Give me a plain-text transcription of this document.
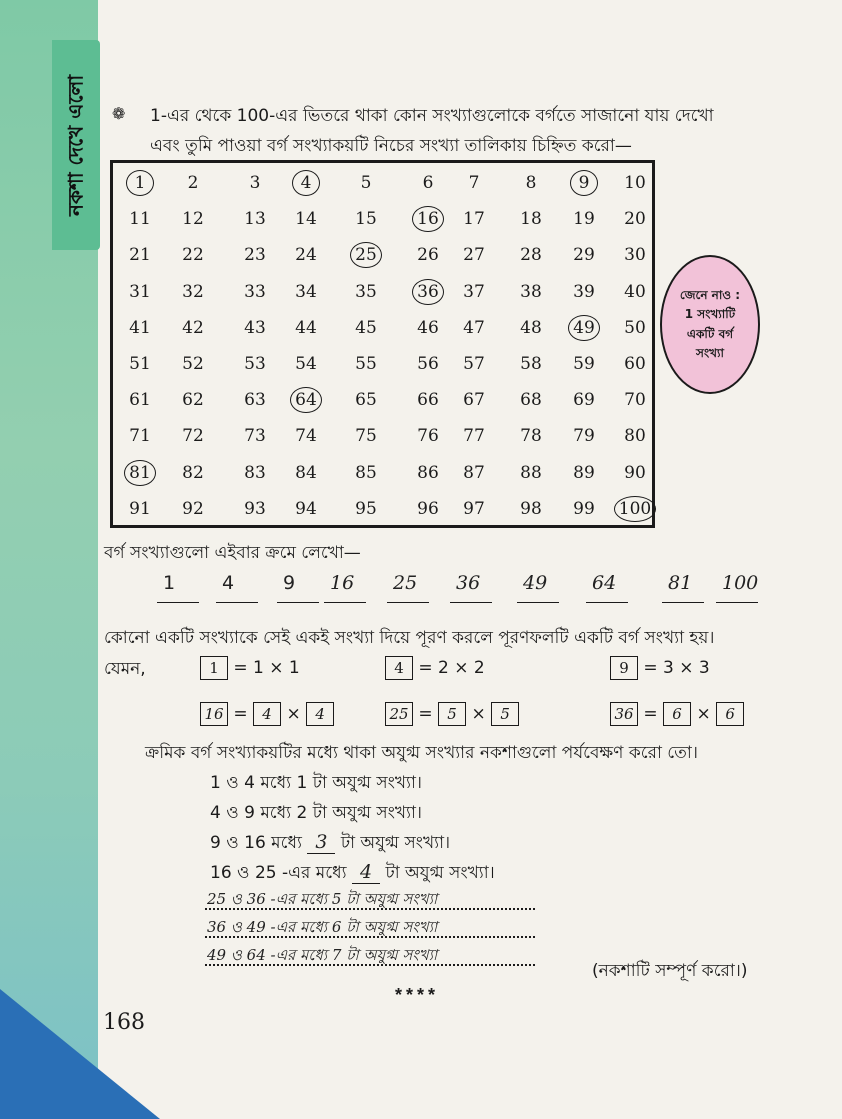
নকশা দেখে এলো
168
❁ 1-এর থেকে 100-এর ভিতরে থাকা কোন সংখ্যাগুলোকে বর্গতে সাজানো যায় দেখো
এবং তুমি পাওয়া বর্গ সংখ্যাকয়টি নিচের সংখ্যা তালিকায় চিহ্নিত করো—
1	2	3	4	5	6 7	8	9	10
11 12 13 14 15 16 17 18 19 20
21 22 23 24 25 26 27 28 29 30
31 32 33 34 35 36 37 38 39 40
41 42 43 44 45 46 47 48 49 50
51 52 53 54 55 56 57 58 59 60
61 62 63 64 65 66 67 68 69 70
71 72 73 74 75 76 77 78 79 80
81 82 83 84 85 86 87 88 89 90
91 92 93 94 95 96 97 98 99 100
জেনে নাও :
1 সংখ্যাটি
একটি বর্গ
সংখ্যা
বর্গ সংখ্যাগুলো এইবার ক্রমে লেখো—
কোনো একটি সংখ্যাকে সেই একই সংখ্যা দিয়ে পূরণ করলে পূরণফলটি একটি বর্গ সংখ্যা হয়।
যেমন,	1 = 1 × 1	4 = 2 × 2	9 = 3 × 3
16 = 4 × 4	25 = 5 × 5	36 = 6 × 6
ক্রমিক বর্গ সংখ্যাকয়টির মধ্যে থাকা অযুগ্ম সংখ্যার নকশাগুলো পর্যবেক্ষণ করো তো।
1 ও 4 মধ্যে 1 টা অযুগ্ম সংখ্যা।
4 ও 9 মধ্যে 2 টা অযুগ্ম সংখ্যা।
9 ও 16 মধ্যে 3 টা অযুগ্ম সংখ্যা।
16 ও 25 -এর মধ্যে 4 টা অযুগ্ম সংখ্যা।
25 ও 36 -এর মধ্যে 5 টা অযুগ্ম সংখ্যা
36 ও 49 -এর মধ্যে 6 টা অযুগ্ম সংখ্যা
49 ও 64 -এর মধ্যে 7 টা অযুগ্ম সংখ্যা
(নকশাটি সম্পূর্ণ করো।)
****
1 4	9 16 25 36 49 64	81 100
